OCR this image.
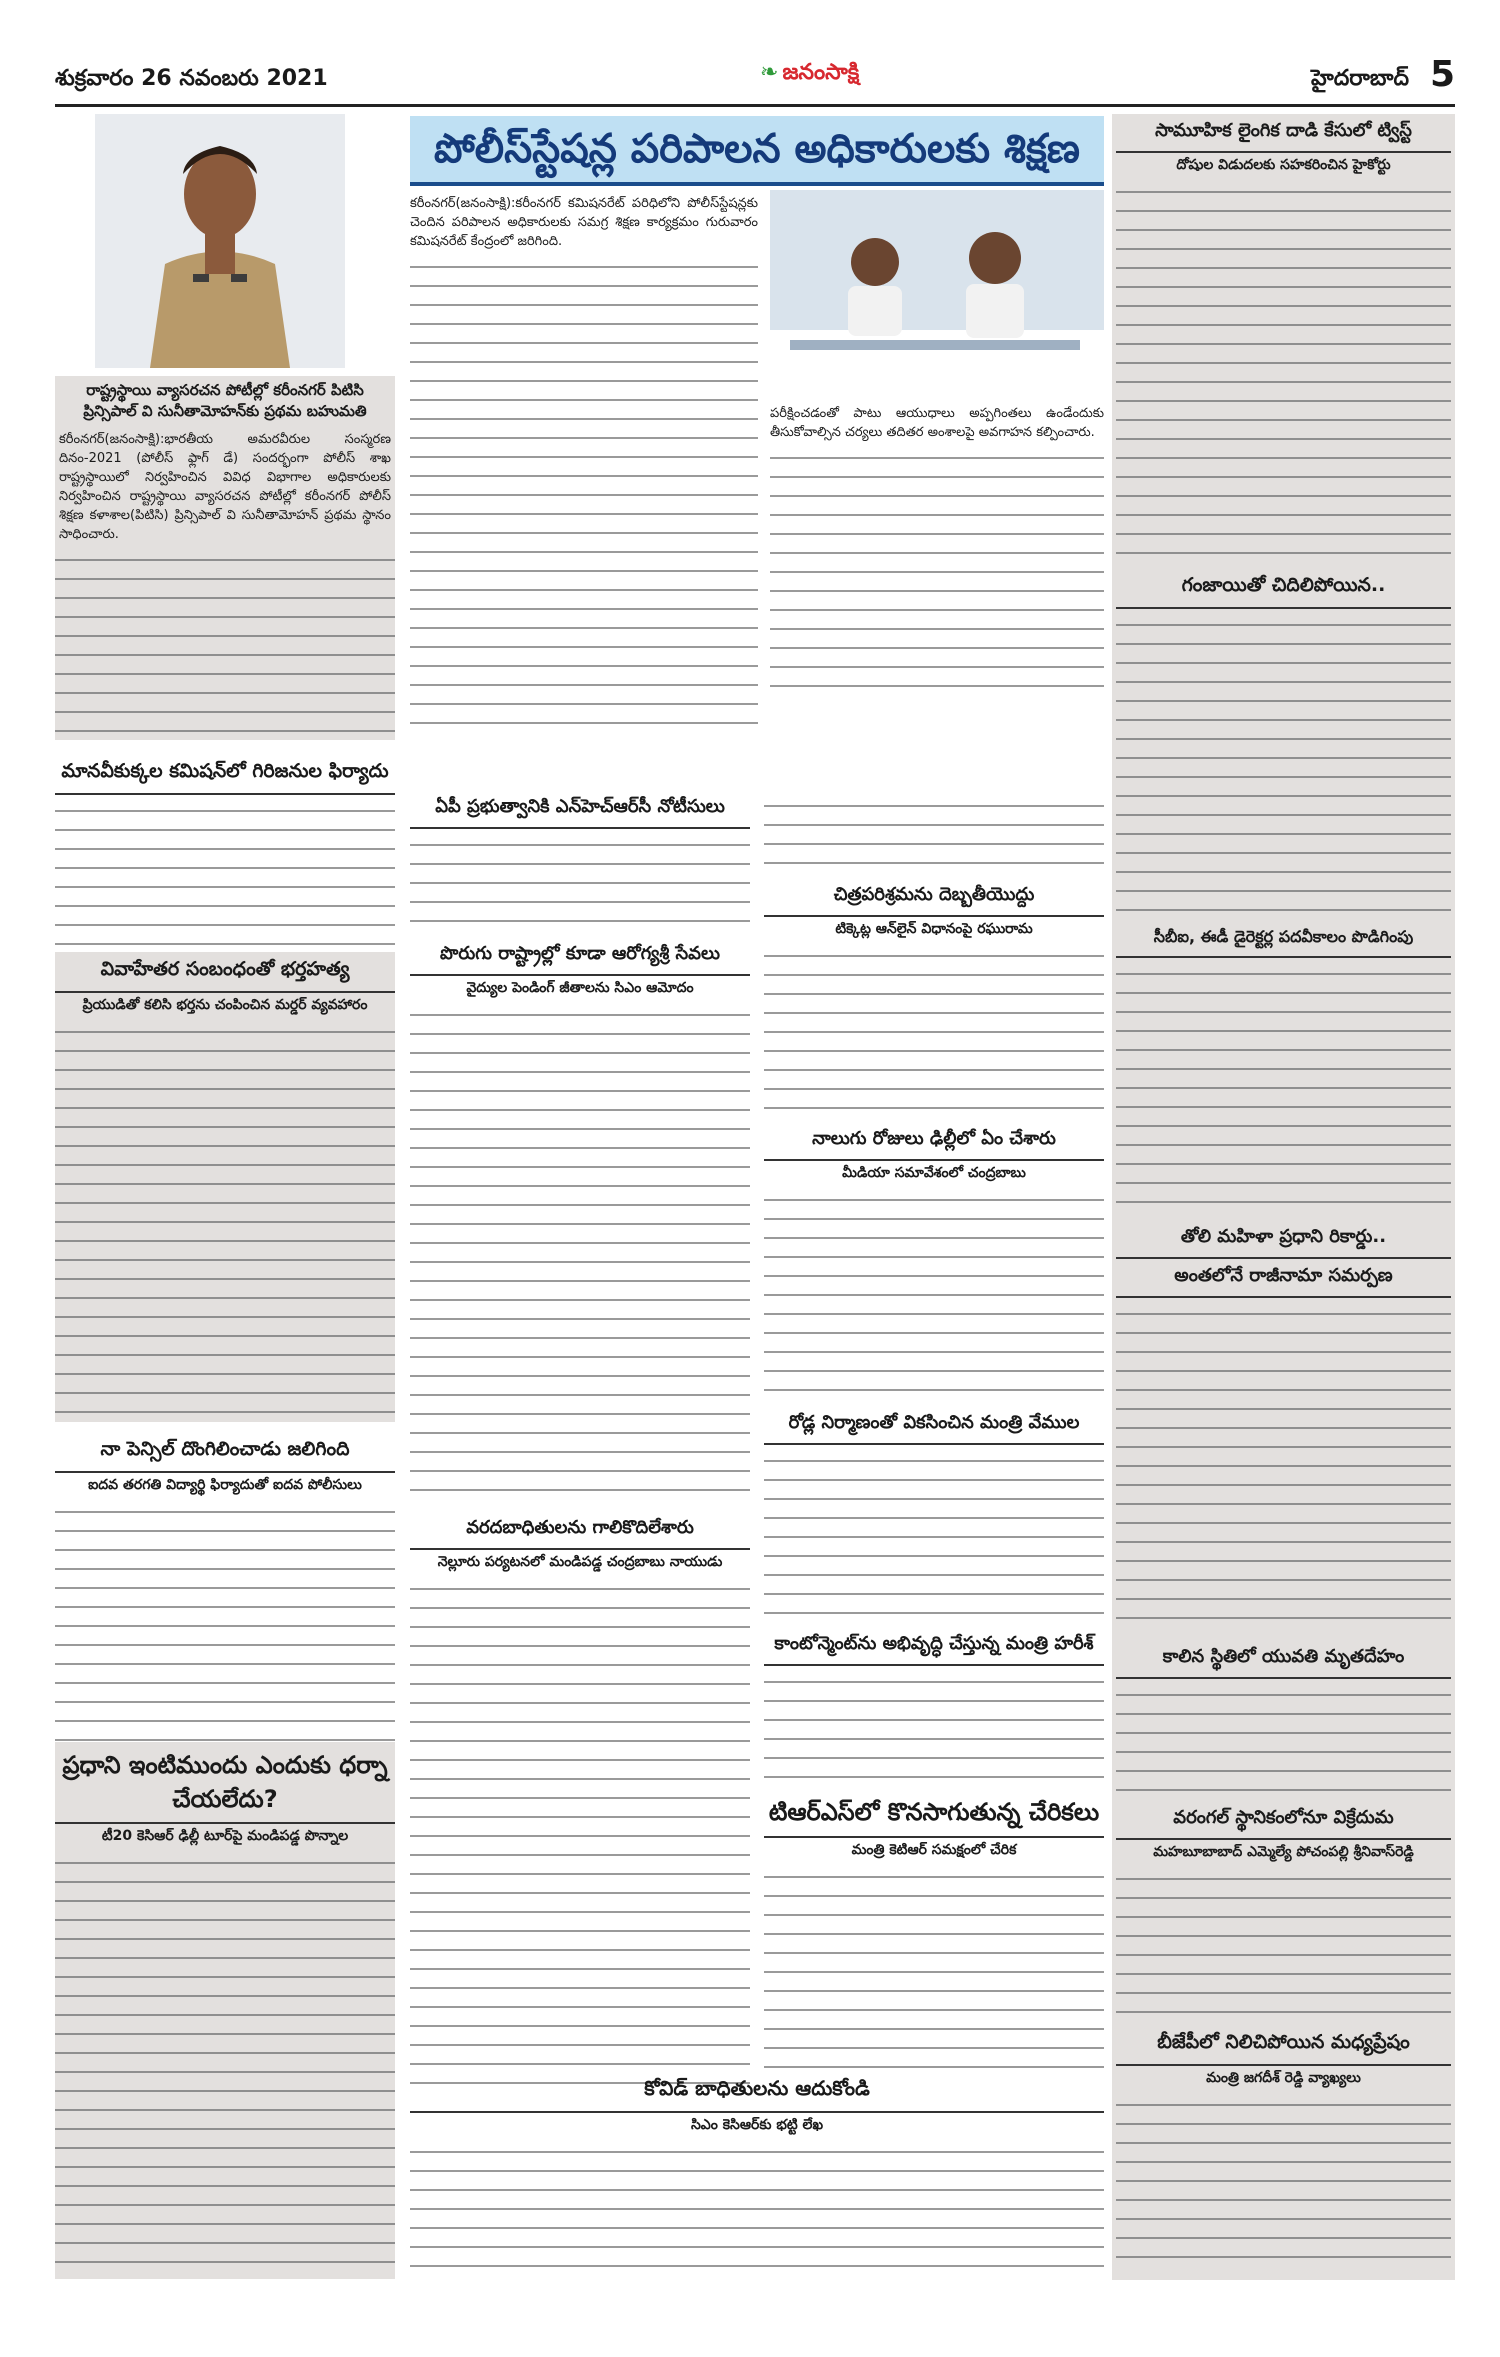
శుక్రవారం 26 నవంబరు 2021	❧ జనంసాక్షి	హైదరాబాద్ 5
పోలీస్‌స్టేషన్ల పరిపాలన అధికారులకు శిక్షణ
రాష్ట్రస్థాయి వ్యాసరచన పోటీల్లో కరీంనగర్ పిటిసి ప్రిన్సిపాల్ వి సునీతామోహన్‌కు ప్రథమ బహుమతి
కరీంనగర్(జనంసాక్షి):భారతీయ అమరవీరుల సంస్మరణ దినం-2021 (పోలీస్ ఫ్లాగ్ డే) సందర్భంగా పోలీస్ శాఖ రాష్ట్రస్థాయిలో నిర్వహించిన వివిధ విభాగాల అధికారులకు నిర్వహించిన రాష్ట్రస్థాయి వ్యాసరచన పోటీల్లో కరీంనగర్ పోలీస్ శిక్షణ కళాశాల(పిటిసి) ప్రిన్సిపాల్ వి సునీతామోహన్ ప్రథమ స్థానం సాధించారు.
మానవీకుక్కల కమిషన్‌లో గిరిజనుల ఫిర్యాదు
వివాహేతర సంబంధంతో భర్తహత్య
ప్రియుడితో కలిసి భర్తను చంపించిన మర్డర్ వ్యవహారం
నా పెన్సిల్ దొంగిలించాడు జలిగింది
ఐదవ తరగతి విద్యార్థి ఫిర్యాదుతో ఐదవ పోలీసులు
ప్రధాని ఇంటిముందు ఎందుకు ధర్నా చేయలేదు?
టీ20 కెసిఆర్ ఢిల్లీ టూర్‌పై మండిపడ్డ పొన్నాల
కరీంనగర్(జనంసాక్షి):కరీంనగర్ కమిషనరేట్ పరిధిలోని పోలీస్‌స్టేషన్లకు చెందిన పరిపాలన అధికారులకు సమగ్ర శిక్షణ కార్యక్రమం గురువారం కమిషనరేట్ కేంద్రంలో జరిగింది.
పరీక్షించడంతో పాటు ఆయుధాలు అప్పగింతలు ఉండేందుకు తీసుకోవాల్సిన చర్యలు తదితర అంశాలపై అవగాహన కల్పించారు.
ఏపీ ప్రభుత్వానికి ఎన్‌హెచ్ఆర్‌సీ నోటీసులు
పొరుగు రాష్ట్రాల్లో కూడా ఆరోగ్యశ్రీ సేవలు
వైద్యుల పెండింగ్ జీతాలను సిఎం ఆమోదం
వరదబాధితులను గాలికొదిలేశారు
నెల్లూరు పర్యటనలో మండిపడ్డ చంద్రబాబు నాయుడు
చిత్రపరిశ్రమను దెబ్బతీయొద్దు
టిక్కెట్ల ఆన్‌లైన్ విధానంపై రఘురామ
నాలుగు రోజులు ఢిల్లీలో ఏం చేశారు
మీడియా సమావేశంలో చంద్రబాబు
రోడ్ల నిర్మాణంతో వికసించిన మంత్రి వేముల
కాంటోన్మెంట్‌ను అభివృద్ధి చేస్తున్న మంత్రి హరీశ్
టిఆర్ఎస్‌లో కొనసాగుతున్న చేరికలు
మంత్రి కెటిఆర్ సమక్షంలో చేరిక
కోవిడ్ బాధితులను ఆదుకోండి
సిఎం కెసిఆర్‌కు భట్టి లేఖ
సామూహిక లైంగిక దాడి కేసులో ట్విస్ట్
దోషుల విడుదలకు సహకరించిన హైకోర్టు
గంజాయితో చిదిలిపోయిన..
సీబీఐ, ఈడీ డైరెక్టర్ల పదవీకాలం పొడిగింపు
తోలి మహిళా ప్రధాని రికార్డు..
అంతలోనే రాజీనామా సమర్పణ
కాలిన స్థితిలో యువతి మృతదేహం
వరంగల్ స్థానికంలోనూ విక్రేదుమ
మహబూబాబాద్ ఎమ్మెల్యే పోచంపల్లి శ్రీనివాస్‌రెడ్డి
బీజేపీలో నిలిచిపోయిన మధ్యప్రేషం
మంత్రి జగదీశ్ రెడ్డి వ్యాఖ్యలు
